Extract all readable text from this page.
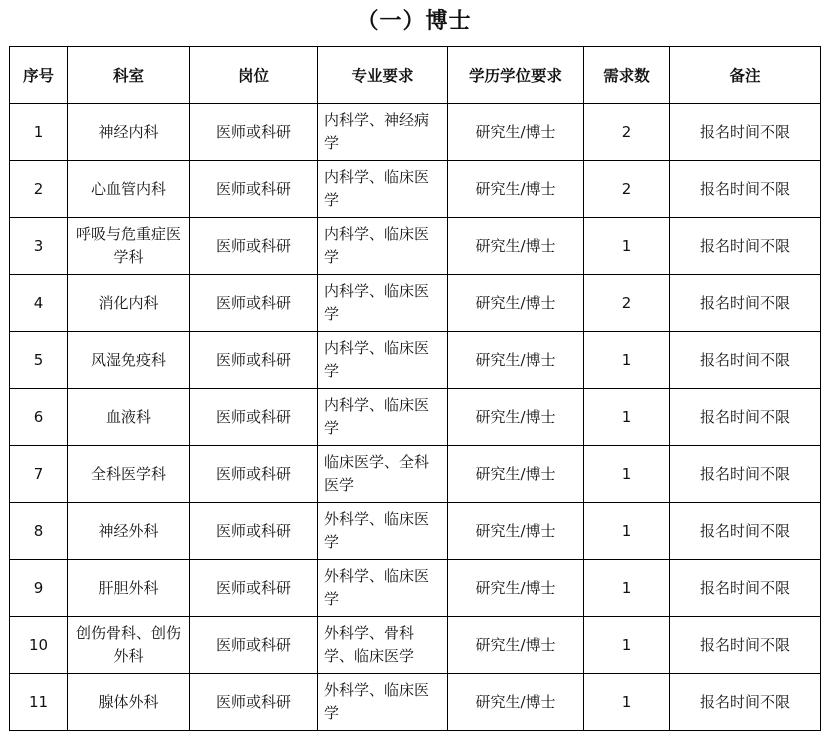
（一）博士
序号	科室	岗位	专业要求	学历学位要求	需求数	备注
1	神经内科	医师或科研	内科学、神经病学	研究生/博士	2	报名时间不限
2	心血管内科	医师或科研	内科学、临床医学	研究生/博士	2	报名时间不限
3	呼吸与危重症医学科	医师或科研	内科学、临床医学	研究生/博士	1	报名时间不限
4	消化内科	医师或科研	内科学、临床医学	研究生/博士	2	报名时间不限
5	风湿免疫科	医师或科研	内科学、临床医学	研究生/博士	1	报名时间不限
6	血液科	医师或科研	内科学、临床医学	研究生/博士	1	报名时间不限
7	全科医学科	医师或科研	临床医学、全科医学	研究生/博士	1	报名时间不限
8	神经外科	医师或科研	外科学、临床医学	研究生/博士	1	报名时间不限
9	肝胆外科	医师或科研	外科学、临床医学	研究生/博士	1	报名时间不限
10	创伤骨科、创伤外科	医师或科研	外科学、骨科学、临床医学	研究生/博士	1	报名时间不限
11	腺体外科	医师或科研	外科学、临床医学	研究生/博士	1	报名时间不限
